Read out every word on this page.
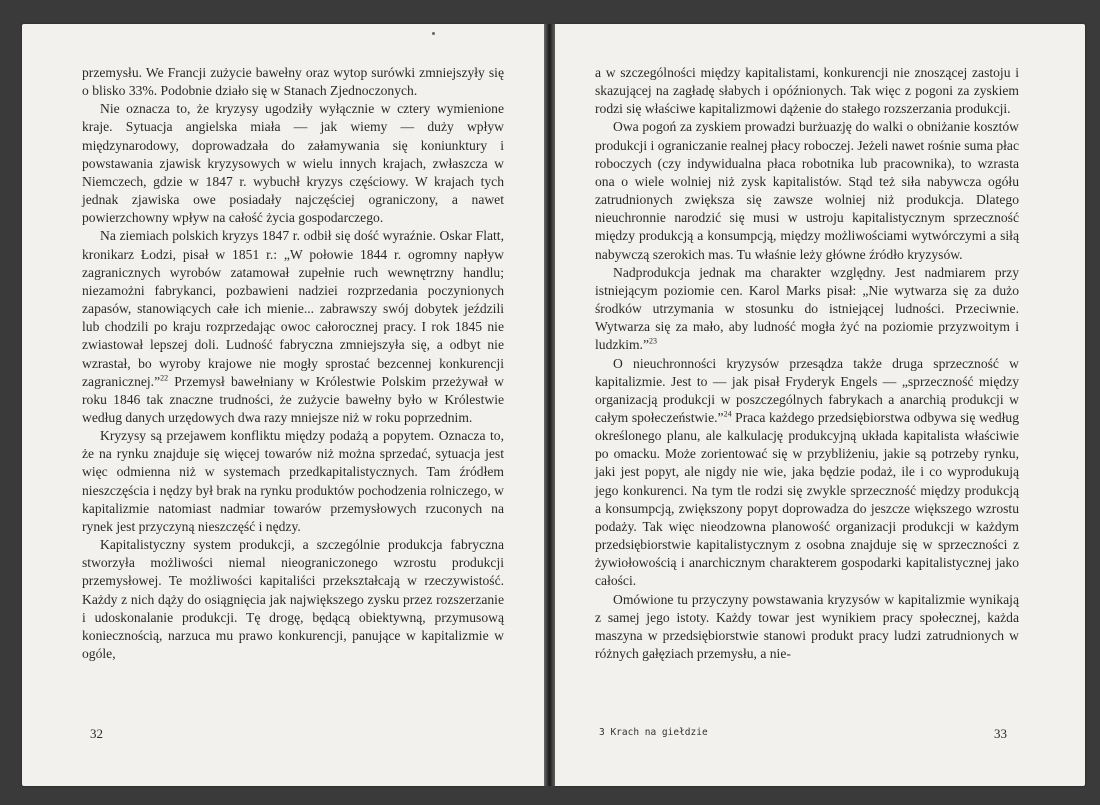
przemysłu. We Francji zużycie bawełny oraz wytop surówki zmniejszyły się o blisko 33%. Podobnie działo się w Stanach Zjednoczonych.

Nie oznacza to, że kryzysy ugodziły wyłącznie w cztery wymienione kraje. Sytuacja angielska miała — jak wiemy — duży wpływ międzynarodowy, doprowadzała do załamywania się koniunktury i powstawania zjawisk kryzysowych w wielu innych krajach, zwłaszcza w Niemczech, gdzie w 1847 r. wybuchł kryzys częściowy. W krajach tych jednak zjawiska owe posiadały najczęściej ograniczony, a nawet powierzchowny wpływ na całość życia gospodarczego.

Na ziemiach polskich kryzys 1847 r. odbił się dość wyraźnie. Oskar Flatt, kronikarz Łodzi, pisał w 1851 r.: „W połowie 1844 r. ogromny napływ zagranicznych wyrobów zatamował zupełnie ruch wewnętrzny handlu; niezamożni fabrykanci, pozbawieni nadziei rozprzedania poczynionych zapasów, stanowiących całe ich mienie... zabrawszy swój dobytek jeździli lub chodzili po kraju rozprzedając owoc całorocznej pracy. I rok 1845 nie zwiastował lepszej doli. Ludność fabryczna zmniejszyła się, a odbyt nie wzrastał, bo wyroby krajowe nie mogły sprostać bezcennej konkurencji zagranicznej.”$^{22}$ Przemysł bawełniany w Królestwie Polskim przeżywał w roku 1846 tak znaczne trudności, że zużycie bawełny było w Królestwie według danych urzędowych dwa razy mniejsze niż w roku poprzednim.

Kryzysy są przejawem konfliktu między podażą a popytem. Oznacza to, że na rynku znajduje się więcej towarów niż można sprzedać, sytuacja jest więc odmienna niż w systemach przedkapitalistycznych. Tam źródłem nieszczęścia i nędzy był brak na rynku produktów pochodzenia rolniczego, w kapitalizmie natomiast nadmiar towarów przemysłowych rzuconych na rynek jest przyczyną nieszczęść i nędzy.

Kapitalistyczny system produkcji, a szczególnie produkcja fabryczna stworzyła możliwości niemal nieograniczonego wzrostu produkcji przemysłowej. Te możliwości kapitaliści przekształcają w rzeczywistość. Każdy z nich dąży do osiągnięcia jak największego zysku przez rozszerzanie i udoskonalanie produkcji. Tę drogę, będącą obiektywną, przymusową koniecznością, narzuca mu prawo konkurencji, panujące w kapitalizmie w ogóle,

32

a w szczególności między kapitalistami, konkurencji nie znoszącej zastoju i skazującej na zagładę słabych i opóźnionych. Tak więc z pogoni za zyskiem rodzi się właściwe kapitalizmowi dążenie do stałego rozszerzania produkcji.

Owa pogoń za zyskiem prowadzi burżuazję do walki o obniżanie kosztów produkcji i ograniczanie realnej płacy roboczej. Jeżeli nawet rośnie suma płac roboczych (czy indywidualna płaca robotnika lub pracownika), to wzrasta ona o wiele wolniej niż zysk kapitalistów. Stąd też siła nabywcza ogółu zatrudnionych zwiększa się zawsze wolniej niż produkcja. Dlatego nieuchronnie narodzić się musi w ustroju kapitalistycznym sprzeczność między produkcją a konsumpcją, między możliwościami wytwórczymi a siłą nabywczą szerokich mas. Tu właśnie leży główne źródło kryzysów.

Nadprodukcja jednak ma charakter względny. Jest nadmiarem przy istniejącym poziomie cen. Karol Marks pisał: „Nie wytwarza się za dużo środków utrzymania w stosunku do istniejącej ludności. Przeciwnie. Wytwarza się za mało, aby ludność mogła żyć na poziomie przyzwoitym i ludzkim.”$^{23}$

O nieuchronności kryzysów przesądza także druga sprzeczność w kapitalizmie. Jest to — jak pisał Fryderyk Engels — „sprzeczność między organizacją produkcji w poszczególnych fabrykach a anarchią produkcji w całym społeczeństwie.”$^{24}$ Praca każdego przedsiębiorstwa odbywa się według określonego planu, ale kalkulację produkcyjną układa kapitalista właściwie po omacku. Może zorientować się w przybliżeniu, jakie są potrzeby rynku, jaki jest popyt, ale nigdy nie wie, jaka będzie podaż, ile i co wyprodukują jego konkurenci. Na tym tle rodzi się zwykle sprzeczność między produkcją a konsumpcją, zwiększony popyt doprowadza do jeszcze większego wzrostu podaży. Tak więc nieodzowna planowość organizacji produkcji w każdym przedsiębiorstwie kapitalistycznym z osobna znajduje się w sprzeczności z żywiołowością i anarchicznym charakterem gospodarki kapitalistycznej jako całości.

Omówione tu przyczyny powstawania kryzysów w kapitalizmie wynikają z samej jego istoty. Każdy towar jest wynikiem pracy społecznej, każda maszyna w przedsiębiorstwie stanowi produkt pracy ludzi zatrudnionych w różnych gałęziach przemysłu, a nie-

3 Krach na giełdzie	33
